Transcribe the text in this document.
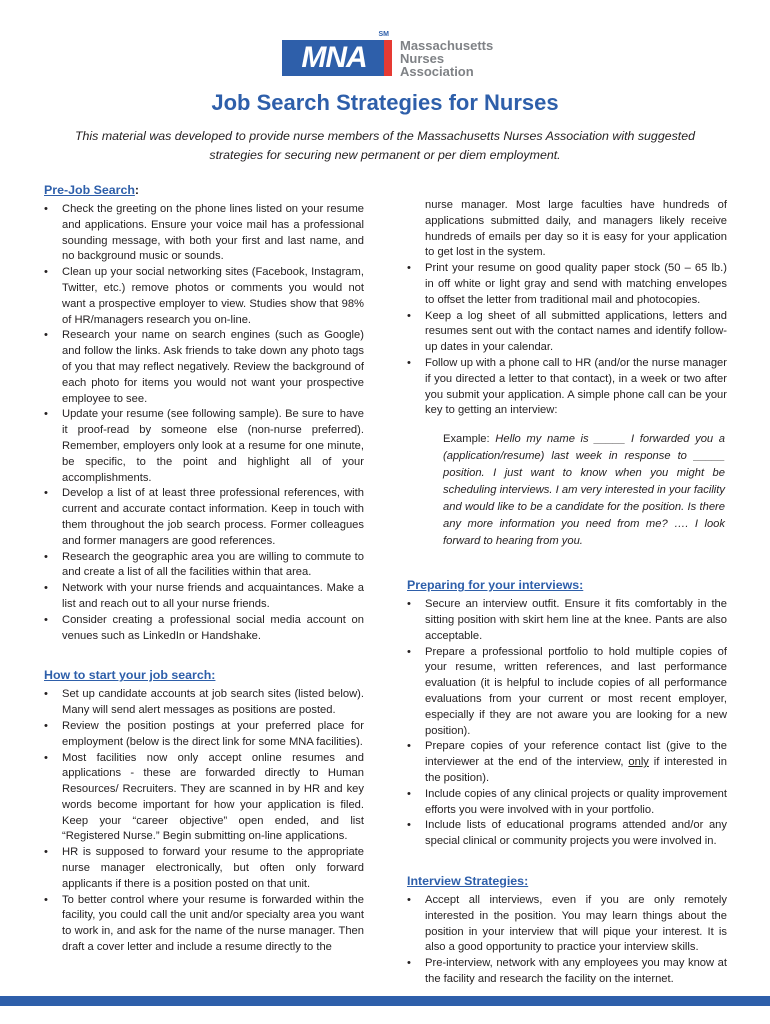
MNA
SM
Massachusetts
Nurses
Association
Job Search Strategies for Nurses
This material was developed to provide nurse members of the Massachusetts Nurses Association with suggested strategies for securing new permanent or per diem employment.
Pre-Job Search:
• Check the greeting on the phone lines listed on your resume and applications. Ensure your voice mail has a professional sounding message, with both your first and last name, and no background music or sounds.
• Clean up your social networking sites (Facebook, Instagram, Twitter, etc.) remove photos or comments you would not want a prospective employer to view. Studies show that 98% of HR/managers research you on-line.
• Research your name on search engines (such as Google) and follow the links. Ask friends to take down any photo tags of you that may reflect negatively. Review the background of each photo for items you would not want your prospective employee to see.
• Update your resume (see following sample). Be sure to have it proof-read by someone else (non-nurse preferred). Remember, employers only look at a resume for one minute, be specific, to the point and highlight all of your accomplishments.
• Develop a list of at least three professional references, with current and accurate contact information. Keep in touch with them throughout the job search process. Former colleagues and former managers are good references.
• Research the geographic area you are willing to commute to and create a list of all the facilities within that area.
• Network with your nurse friends and acquaintances. Make a list and reach out to all your nurse friends.
• Consider creating a professional social media account on venues such as LinkedIn or Handshake.
How to start your job search:
• Set up candidate accounts at job search sites (listed below). Many will send alert messages as positions are posted.
• Review the position postings at your preferred place for employment (below is the direct link for some MNA facilities).
• Most facilities now only accept online resumes and applications - these are forwarded directly to Human Resources/ Recruiters. They are scanned in by HR and key words become important for how your application is filed. Keep your “career objective” open ended, and list “Registered Nurse.” Begin submitting on-line applications.
• HR is supposed to forward your resume to the appropriate nurse manager electronically, but often only forward applicants if there is a position posted on that unit.
• To better control where your resume is forwarded within the facility, you could call the unit and/or specialty area you want to work in, and ask for the name of the nurse manager. Then draft a cover letter and include a resume directly to the
nurse manager. Most large faculties have hundreds of applications submitted daily, and managers likely receive hundreds of emails per day so it is easy for your application to get lost in the system.
• Print your resume on good quality paper stock (50 – 65 lb.) in off white or light gray and send with matching envelopes to offset the letter from traditional mail and photocopies.
• Keep a log sheet of all submitted applications, letters and resumes sent out with the contact names and identify follow-up dates in your calendar.
• Follow up with a phone call to HR (and/or the nurse manager if you directed a letter to that contact), in a week or two after you submit your application. A simple phone call can be your key to getting an interview:
Example: Hello my name is _____ I forwarded you a (application/resume) last week in response to _____ position. I just want to know when you might be scheduling interviews. I am very interested in your facility and would like to be a candidate for the position. Is there any more information you need from me? …. I look forward to hearing from you.
Preparing for your interviews:
• Secure an interview outfit. Ensure it fits comfortably in the sitting position with skirt hem line at the knee. Pants are also acceptable.
• Prepare a professional portfolio to hold multiple copies of your resume, written references, and last performance evaluation (it is helpful to include copies of all performance evaluations from your current or most recent employer, especially if they are not aware you are looking for a new position).
• Prepare copies of your reference contact list (give to the interviewer at the end of the interview, only if interested in the position).
• Include copies of any clinical projects or quality improvement efforts you were involved with in your portfolio.
• Include lists of educational programs attended and/or any special clinical or community projects you were involved in.
Interview Strategies:
• Accept all interviews, even if you are only remotely interested in the position. You may learn things about the position in your interview that will pique your interest. It is also a good opportunity to practice your interview skills.
• Pre-interview, network with any employees you may know at the facility and research the facility on the internet.
